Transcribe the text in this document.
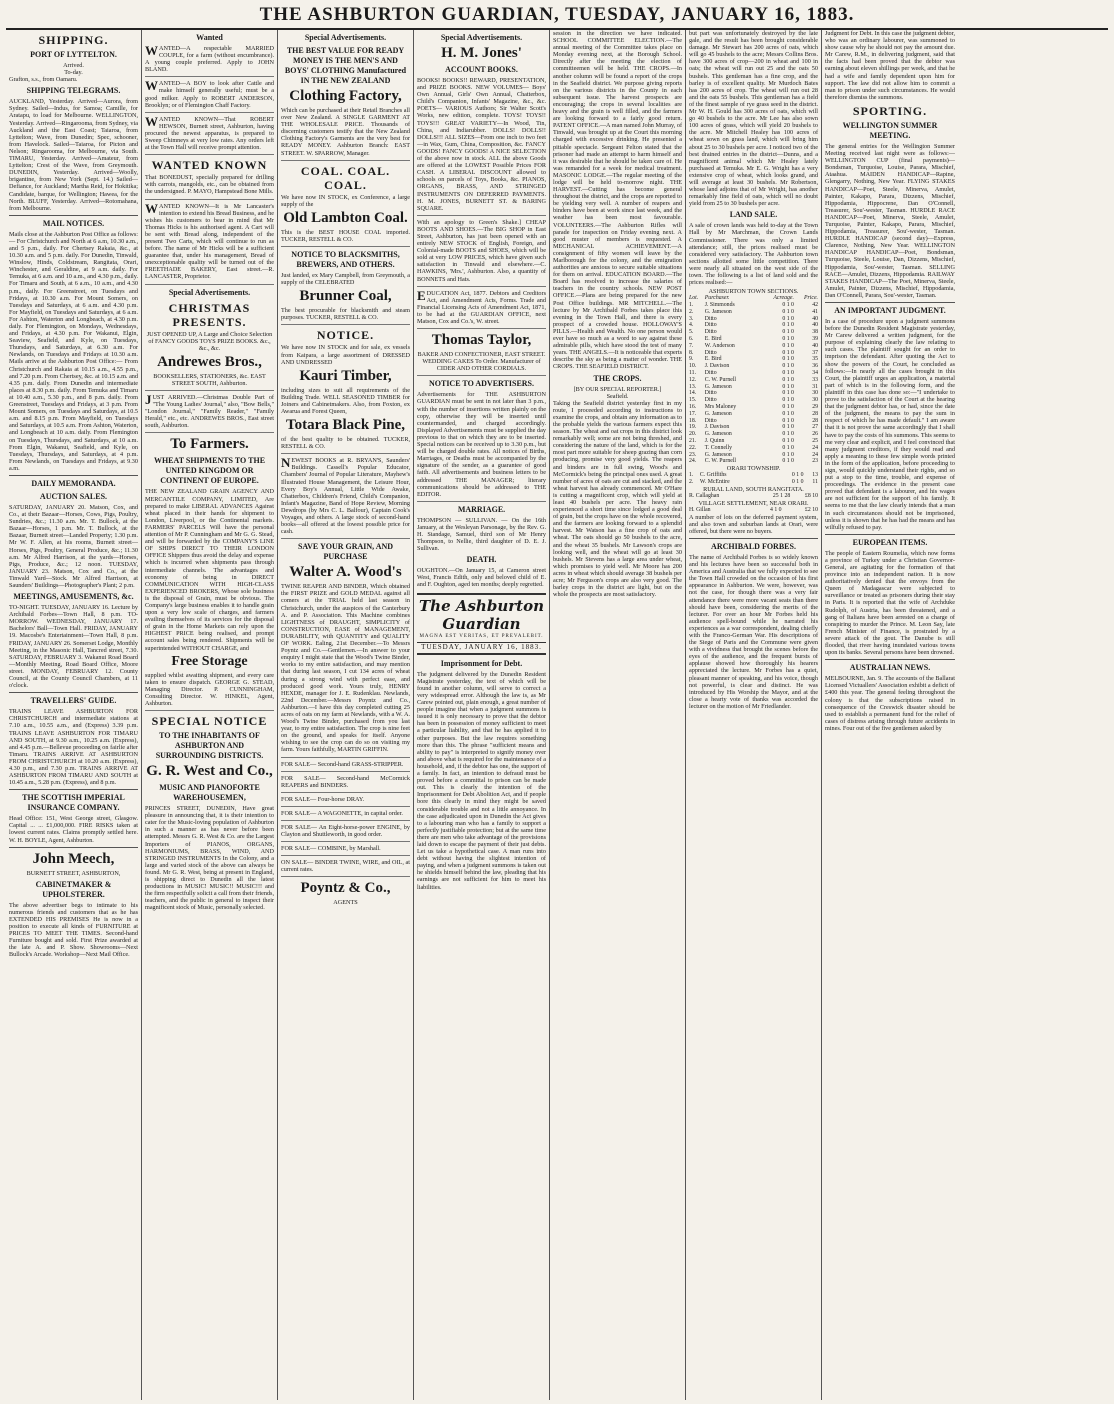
THE ASHBURTON GUARDIAN, TUESDAY, JANUARY 16, 1883.
SHIPPING.
PORT OF LYTTELTON.
Arrived.
To-day.

Grafton, s.s., from Oamaru.

SHIPPING TELEGRAMS.

AUCKLAND, Yesterday. Arrived—Aurora, from Sydney. Sailed—Indus, for Samoa; Camille, for Aratapu, to load for Melbourne. WELLINGTON, Yesterday. Arrived—Ringarooma, from Sydney, via Auckland and the East Coast; Taiaroa, from Lyttelton; Wave, from Dunedin; Spec, schooner, from Havelock. Sailed—Taiaroa, for Picton and Nelson; Ringarooma, for Melbourne, via South. TIMARU, Yesterday. Arrived—Amateur, from Lyttelton; Crest of the Wave, from Greymouth. DUNEDIN, Yesterday. Arrived—Woolly, brigantine, from New York (Sept. 14.) Sailed—Defiance, for Auckland; Martha Reid, for Hokitika; Candidate, barque, for Wellington; Hawea, for the North. BLUFF, Yesterday. Arrived—Rotomahana, from Melbourne.

MAIL NOTICES.

Mails close at the Ashburton Post Office as follows:— For Christchurch and North at 6 a.m, 10.30 a.m., and 5 p.m., daily. For Chertsey Rakaia, &c., at 10.30 a.m. and 5 p.m. daily. For Dunedin, Tinwald, Winslow, Hinds, Coldstream, Rangitata, Orari, Winchester, and Geraldine, at 9 a.m. daily. For Temuka, at 6 a.m. and 10 a.m., and 4.30 p.m., daily. For Timaru and South, at 6 a.m., 10 a.m., and 4.30 p.m., daily. For Greenstreet, on Tuesdays and Fridays, at 10.30 a.m. For Mount Somers, on Tuesdays and Saturdays, at 6 a.m. and 4.30 p.m. For Mayfield, on Tuesdays and Saturdays, at 6 a.m. For Ashton, Waterton and Longbeach, at 4.30 p.m. daily. For Flemington, on Mondays, Wednesdays, and Fridays, at 4.30 p.m. For Wakanui, Elgin, Seaview, Seafield, and Kyle, on Tuesdays, Thursdays, and Saturdays, at 6.30 a.m. For Newlands, on Tuesdays and Fridays at 10.30 a.m. Mails arrive at the Ashburton Post Office:— From Christchurch and Rakaia at 10.15 a.m., 4.55 p.m., and 7.20 p.m. From Chertsey, &c. at 10.15 a.m. and 4.35 p.m. daily. From Dunedin and intermediate places at 8.30 p.m. daily. From Temuka and Timaru at 10.40 a.m., 5.30 p.m., and 8 p.m. daily. From Greenstreet, Tuesdays and Fridays, at 3 p.m. From Mount Somers, on Tuesdays and Saturdays, at 10.5 a.m. and 8.15 p.m. From Mayfield, on Tuesdays and Saturdays, at 10.5 a.m. From Ashton, Waterton, and Longbeach at 10 a.m. daily. From Flemington on Tuesdays, Thursdays, and Saturdays, at 10 a.m. From Elgin, Wakanui, Seafield, and Kyle, on Tuesdays, Thursdays, and Saturdays, at 4 p.m. From Newlands, on Tuesdays and Fridays, at 9.30 a.m.

DAILY MEMORANDA.
AUCTION SALES.

SATURDAY, JANUARY 20. Matson, Cox, and Co., at their Bazaar—Horses, Cows, Pigs, Poultry, Sundries, &c.; 11.30 a.m. Mr. T. Bullock, at the Bazaar—Horses, 1 p.m. Mr. T. Bullock, at the Bazaar, Burnett street—Landed Property; 1.30 p.m. Mr W. F. Allen, at his rooms, Burnett street—Horses, Pigs, Poultry, General Produce, &c.; 11.30 a.m. Mr Alfred Harrison, at the yards—Horses, Pigs, Produce, &c.; 12 noon. TUESDAY, JANUARY 23. Matson, Cox and Co., at the Tinwald Yard—Stock. Mr Alfred Harrison, at Saunders' Buildings—Photographer's Plant; 2 p.m.

MEETINGS, AMUSEMENTS, &c.

TO-NIGHT. TUESDAY, JANUARY 16. Lecture by Archibald Forbes—Town Hall, 8 p.m. TO-MORROW. WEDNESDAY, JANUARY 17. Bachelors' Ball—Town Hall. FRIDAY, JANUARY 19. Macosbe's Entertainment—Town Hall, 8 p.m. FRIDAY, JANUARY 26. Somerset Lodge, Monthly Meeting, in the Masonic Hall, Tancred street, 7.30. SATURDAY, FEBRUARY 3. Wakanui Road Board—Monthly Meeting, Road Board Office, Moore street. MONDAY, FEBRUARY 12. County Council, at the County Council Chambers, at 11 o'clock.

TRAVELLERS' GUIDE.

TRAINS LEAVE ASHBURTON FOR CHRISTCHURCH and intermediate stations at 7.10 a.m., 10.55 a.m., and (Express) 3.39 p.m. TRAINS LEAVE ASHBURTON FOR TIMARU AND SOUTH, at 9.30 a.m., 10.25 a.m. (Express), and 4.45 p.m.—Bellevue proceeding on fairlie after Timaru. TRAINS ARRIVE AT ASHBURTON FROM CHRISTCHURCH at 10.20 a.m. (Express), 4.30 p.m., and 7.30 p.m. TRAINS ARRIVE AT ASHBURTON FROM TIMARU AND SOUTH at 10.45 a.m., 5.28 p.m. (Express), and 8 p.m.

THE SCOTTISH IMPERIAL INSURANCE COMPANY.

Head Office: 151, West George street, Glasgow. Capital ... ... £1,000,000. FIRE RISKS taken at lowest current rates. Claims promptly settled here. W. H. BOYLE, Agent, Ashburton.

John Meech,
BURNETT STREET, ASHBURTON,
CABINETMAKER & UPHOLSTERER.

The above advertiser begs to intimate to his numerous friends and customers that as he has EXTENDED HIS PREMISES He is now in a position to execute all kinds of FURNITURE at PRICES TO MEET THE TIMES. Second-hand Furniture bought and sold. First Prize awarded at the late A. and P. Show. Showrooms—Next Bullock's Arcade. Workshop—Next Mail Office.

Wanted

WANTED—A respectable MARRIED COUPLE, for a farm (without encumbrance). A young couple preferred. Apply to JOHN BLAND.

WANTED—A BOY to look after Cattle and make himself generally useful; must be a good milker. Apply to ROBERT ANDERSON, Brooklyn; or of Flemington Chaff Factory.

WANTED KNOWN—That ROBERT HEWSON, Burnett street, Ashburton, having procured the newest apparatus, is prepared to Sweep Chimneys at very low rates. Any orders left at the Town Hall will receive prompt attention.

WANTED KNOWN

That BONEDUST, specially prepared for drilling with carrots, mangolds, etc., can be obtained from the undersigned. P. MAYO, Hampstead Bone Mills.

WANTED KNOWN—It is Mr Lancaster's intention to extend his Bread Business, and he wishes his customers to bear in mind that Mr Thomas Hicks is his authorised agent. A Cart will be sent with Bread along, independent of the present Two Carts, which will continue to run as before. The name of Mr Hicks will be a sufficient guarantee that, under his management, Bread of unexceptionable quality will be turned out of the FREETHADE BAKERY, East street.—R. LANCASTER, Proprietor.

Special Advertisements.
CHRISTMAS PRESENTS.

JUST OPENED UP, A Large and Choice Selection of FANCY GOODS TOYS PRIZE BOOKS. &c., &c., &c.

Andrewes Bros.,

BOOKSELLERS, STATIONERS, &c. EAST STREET SOUTH, Ashburton.

JUST ARRIVED.—Christmas Double Part of "The Young Ladies' Journal," also, "Bow Bells," "London Journal," "Family Reader," "Family Herald," etc., etc. ANDREWES BROS., East street south, Ashburton.

To Farmers.
WHEAT SHIPMENTS TO THE UNITED KINGDOM OR CONTINENT OF EUROPE.

THE NEW ZEALAND GRAIN AGENCY AND MERCANTILE COMPANY, LIMITED, Are prepared to make LIBERAL ADVANCES Against wheat placed in their hands for shipment to London, Liverpool, or the Continental markets. FARMERS' PARCELS Will have the personal attention of Mr P. Cunningham and Mr G. G. Stead, and will be forwarded by the COMPANY'S LINE OF SHIPS DIRECT TO THEIR LONDON OFFICE Shippers thus avoid the delay and expense which is incurred when shipments pass through intermediate channels. The advantages and economy of being in DIRECT COMMUNICATION WITH HIGH-CLASS EXPERIENCED BROKERS, Whose sole business is the disposal of Grain, must be obvious. The Company's large business enables it to handle grain upon a very low scale of charges, and farmers availing themselves of its services for the disposal of grain in the Home Markets can rely upon the HIGHEST PRICE being realised, and prompt account sales being rendered. Shipments will be superintended WITHOUT CHARGE, and

Free Storage

supplied whilst awaiting shipment, and every care taken to ensure dispatch. GEORGE G. STEAD, Managing Director. P. CUNNINGHAM, Consulting Director. W. HINKEL, Agent, Ashburton.

SPECIAL NOTICE
TO THE INHABITANTS OF ASHBURTON AND SURROUNDING DISTRICTS.
G. R. West and Co.,
MUSIC AND PIANOFORTE WAREHOUSEMEN,

PRINCES STREET, DUNEDIN, Have great pleasure in announcing that, it is their intention to cater for the Music-loving population of Ashburton in such a manner as has never before been attempted. Messrs G. R. West & Co. are the Largest Importers of PIANOS, ORGANS, HARMONIUMS, BRASS, WIND, AND STRINGED INSTRUMENTS In the Colony, and a large and varied stock of the above can always be found. Mr G. R. West, being at present in England, is shipping direct to Dunedin all the latest productions in MUSIC! MUSIC!! MUSIC!!! and the firm respectfully solicit a call from their friends, teachers, and the public in general to inspect their magnificent stock of Music, personally selected.

Special Advertisements.
THE BEST VALUE FOR READY MONEY IS THE MEN'S AND BOYS' CLOTHING Manufactured IN THE NEW ZEALAND
Clothing Factory,

Which can be purchased at their Retail Branches all over New Zealand. A SINGLE GARMENT AT THE WHOLESALE PRICE. Thousands of discerning customers testify that the New Zealand Clothing Factory's Garments are the very best for READY MONEY. Ashburton Branch: EAST STREET. W. SPARROW, Manager.

COAL. COAL. COAL.

We have now IN STOCK, ex Conference, a large supply of the

Old Lambton Coal.

This is the BEST HOUSE COAL imported. TUCKER, RESTELL & CO.

NOTICE TO BLACKSMITHS, BREWERS, AND OTHERS.

Just landed, ex Mary Campbell, from Greymouth, a supply of the CELEBRATED

Brunner Coal,

The best procurable for blacksmith and steam purposes. TUCKER, RESTELL & CO.

NOTICE.

We have now IN STOCK and for sale, ex vessels from Kaipara, a large assortment of DRESSED AND UNDRESSED

Kauri Timber,

including sizes to suit all requirements of the Building Trade. WELL SEASONED TIMBER for Joiners and Cabinetmakers. Also, from Foxton, ex Awarua and Forest Queen,

Totara Black Pine,

of the best quality to be obtained. TUCKER, RESTELL & CO.

NEWEST BOOKS at R. BRYAN'S, Saunders' Buildings. Cassell's Popular Educator, Chambers' Journal of Popular Literature, Mayhew's Illustrated House Management, the Leisure Hour, Every Boy's Annual, Little Wide Awake, Chatterbox, Children's Friend, Child's Companion, Infant's Magazine, Band of Hope Review, Morning Dewdrops (by Mrs C. L. Balfour), Captain Cook's Voyages, and others. A large stock of second-hand books—all offered at the lowest possible price for cash.

SAVE YOUR GRAIN, AND PURCHASE
Walter A. Wood's

TWINE REAPER AND BINDER, Which obtained the FIRST PRIZE and GOLD MEDAL against all comers at the TRIAL held last season in Christchurch, under the auspices of the Canterbury A. and P. Association. This Machine combines LIGHTNESS of DRAUGHT, SIMPLICITY of CONSTRUCTION, EASE of MANAGEMENT, DURABILITY, with QUANTITY and QUALITY OF WORK. Ealing, 21st December.—To Messrs Poyntz and Co.—Gentlemen.—In answer to your enquiry I might state that the Wood's Twine Binder, works to my entire satisfaction, and may mention that during last season, I cut 134 acres of wheat during a strong wind with perfect ease, and produced good work. Yours truly, HENRY HEXDE, manager for J. E. Rudenklau. Newlands, 22nd December.—Messrs Poyntz and Co., Ashburton.—I have this day completed cutting 25 acres of oats on my farm at Newlands, with a W. A. Wood's Twine Binder, purchased from you last year, to my entire satisfaction. The crop is nine feet on the ground, and speaks for itself. Anyone wishing to see the crop can do so on visiting my farm. Yours faithfully, MARTIN GRIFFIN.

FOR SALE— Second-hand GRASS-STRIPPER.

FOR SALE— Second-hand McCormick REAPERS and BINDERS.

FOR SALE— Four-horse DRAY.

FOR SALE— A WAGONETTE, in capital order.

FOR SALE— An Eight-horse-power ENGINE, by Clayton and Shuttleworth, in good order.

FOR SALE— COMBINE, by Marshall.

ON SALE— BINDER TWINE, WIRE, and OIL, at current rates.

Poyntz & Co.,
AGENTS
Special Advertisements.
H. M. Jones'
ACCOUNT BOOKS.

BOOKS! BOOKS!! REWARD, PRESENTATION, and PRIZE BOOKS. NEW VOLUMES— Boys' Own Annual, Girls' Own Annual, Chatterbox, Child's Companion, Infants' Magazine, &c., &c. POETS— VARIOUS Authors; Sir Walter Scott's Works, new edition, complete. TOYS! TOYS!! TOYS!!! GREAT VARIETY—In Wood, Tin, China, and Indiarubber. DOLLS! DOLLS!! DOLLS!!! ALL SIZES—From one inch to two feet—in Wax, Gum, China, Composition, &c. FANCY GOODS! FANCY GOODS! A NICE SELECTION of the above now in stock. ALL the above Goods are offered at the LOWEST Possible Prices FOR CASH. A LIBERAL DISCOUNT allowed to schools on parcels of Toys, Books, &c. PIANOS, ORGANS, BRASS, AND STRINGED INSTRUMENTS ON DEFERRED PAYMENTS. H. M. JONES, BURNETT ST. & BARING SQUARE.

With an apology to Green's Shake.] CHEAP BOOTS AND SHOES.—The BIG SHOP in East Street, Ashburton, has just been opened with an entirely NEW STOCK of English, Foreign, and Colonial-made BOOTS and SHOES, which will be sold at very LOW PRICES, which have given such satisfaction in Tinwald and elsewhere.—C. HAWKINS, 'Mrs.', Ashburton. Also, a quantity of BONNETS and Hats.

EDUCATION Act, 1877. Debtors and Creditors Act, and Amendment Acts, Forms. Trade and Financial Licensing Acts of Amendment Act, 1871, to be had at the GUARDIAN OFFICE, next Matson, Cox and Co.'s, W. street.

Thomas Taylor,

BAKER AND CONFECTIONER, EAST STREET. WEDDING CAKES To Order. Manufacturer of CIDER AND OTHER CORDIALS.

NOTICE TO ADVERTISERS.

Advertisements for THE ASHBURTON GUARDIAN must be sent in not later than 3 p.m., with the number of insertions written plainly on the copy, otherwise they will be inserted until countermanded, and charged accordingly. Displayed Advertisements must be supplied the day previous to that on which they are to be inserted. Special notices can be received up to 3.30 p.m., but will be charged double rates. All notices of Births, Marriages, or Deaths must be accompanied by the signature of the sender, as a guarantee of good faith. All advertisements and business letters to be addressed THE MANAGER; literary communications should be addressed to THE EDITOR.

MARRIAGE.

THOMPSON — SULLIVAN. — On the 16th January, at the Wesleyan Parsonage, by the Rev. G. H. Standage, Samuel, third son of Mr Henry Thompson, to Nellie, third daughter of D. E. J. Sullivan.

DEATH.

OUGHTON.—On January 15, at Cameron street West, Francis Edith, only and beloved child of E. and F. Oughton, aged ten months; deeply regretted.

The Ashburton Guardian
MAGNA EST VERITAS, ET PREVALEBIT.
TUESDAY, JANUARY 16, 1883.
Imprisonment for Debt.

The judgment delivered by the Dunedin Resident Magistrate yesterday, the text of which will be found in another column, will serve to correct a very widespread error. Although the law is, as Mr Carew pointed out, plain enough, a great number of people imagine that when a judgment summons is issued it is only necessary to prove that the debtor has been in possession of money sufficient to meet a particular liability, and that he has applied it to other purposes. But the law requires something more than this. The phrase "sufficient means and ability to pay" is interpreted to signify money over and above what is required for the maintenance of a household, and, if the debtor has one, the support of a family. In fact, an intention to defraud must be proved before a committal to prison can be made out. This is clearly the intention of the Imprisonment for Debt Abolition Act, and if people bore this clearly in mind they might be saved considerable trouble and not a little annoyance. In the case adjudicated upon in Dunedin the Act gives to a labouring man who has a family to support a perfectly justifiable protection; but at the same time there are men who take advantage of the provisions laid down to escape the payment of their just debts. Let us take a hypothetical case. A man runs into debt without having the slightest intention of paying, and when a judgment summons is taken out he shields himself behind the law, pleading that his earnings are not sufficient for him to meet his liabilities.

session in the direction we have indicated. SCHOOL COMMITTEE ELECTION.—The annual meeting of the Committee takes place on Monday evening next, at the Borough School. Directly after the meeting the election of committeemen will be held. THE CROPS.—In another column will be found a report of the crops in the Seafield district. We purpose giving reports on the various districts in the County in each subsequent issue. The harvest prospects are encouraging; the crops in several localities are heavy and the grain is well filled, and the farmers are looking forward to a fairly good return. PATENT OFFICE.—A man named John Murray, of Tinwald, was brought up at the Court this morning charged with excessive drinking. He presented a pitiable spectacle. Sergeant Felton stated that the prisoner had made an attempt to harm himself and it was desirable that he should be taken care of. He was remanded for a week for medical treatment. MASONIC LODGE.—The regular meeting of the lodge will be held to-morrow night. THE HARVEST.—Cutting has become general throughout the district, and the crops are reported to be yielding very well. A number of reapers and binders have been at work since last week, and the weather has been most favourable. VOLUNTEERS.—The Ashburton Rifles will parade for inspection on Friday evening next. A good muster of members is requested. A MECHANICAL ACHIEVEMENT.—A consignment of fifty women will leave by the Marlborough for the colony, and the emigration authorities are anxious to secure suitable situations for them on arrival. EDUCATION BOARD.—The Board has resolved to increase the salaries of teachers in the country schools. NEW POST OFFICE.—Plans are being prepared for the new Post Office buildings. MR MITCHELL.—The lecture by Mr Archibald Forbes takes place this evening in the Town Hall, and there is every prospect of a crowded house. HOLLOWAY'S PILLS.—Health and Wealth. No one person would ever have so much as a word to say against these admirable pills, which have stood the test of many years. THE ANGELS.—It is noticeable that experts describe the sky as being a matter of wonder. THE CROPS. THE SEAFIELD DISTRICT.

THE CROPS.
[BY OUR SPECIAL REPORTER.]
Seafield.

Taking the Seafield district yesterday first in my route, I proceeded according to instructions to examine the crops, and obtain any information as to the probable yields the various farmers expect this season. The wheat and oat crops in this district look remarkably well; some are not being threshed, and considering the nature of the land, which is for the most part more suitable for sheep grazing than corn producing, promise very good yields. The reapers and binders are in full swing, Wood's and McCormick's being the principal ones used. A great number of acres of oats are cut and stacked, and the wheat harvest has already commenced. Mr O'Hare is cutting a magnificent crop, which will yield at least 40 bushels per acre. The heavy rain experienced a short time since lodged a good deal of grain, but the crops have on the whole recovered, and the farmers are looking forward to a splendid harvest. Mr Watson has a fine crop of oats and wheat. The oats should go 50 bushels to the acre, and the wheat 35 bushels. Mr Lawson's crops are looking well, and the wheat will go at least 30 bushels. Mr Stevens has a large area under wheat, which promises to yield well. Mr Moore has 200 acres in wheat which should average 38 bushels per acre; Mr Ferguson's crops are also very good. The barley crops in the district are light, but on the whole the prospects are most satisfactory.

but part was unfortunately destroyed by the late gale, and the result has been brought considerable damage. Mr Stewart has 200 acres of oats, which will go 45 bushels to the acre; Messrs Collins Bros. have 300 acres of crop—200 in wheat and 100 in oats; the wheat will run out 25 and the oats 50 bushels. This gentleman has a fine crop, and the barley is of excellent quality. Mr Murdoch Bates has 200 acres of crop. The wheat will run out 28 and the oats 55 bushels. This gentleman has a field of the finest sample of rye grass seed in the district. Mr W. H. Gould has 300 acres of oats, which will go 40 bushels to the acre. Mr Lee has also sown 100 acres of grass, which will yield 20 bushels to the acre. Mr Mitchell Healey has 100 acres of wheat sown on grass land, which will bring him about 25 to 30 bushels per acre. I noticed two of the best drained entries in the district—Dunns, and a magnificent animal which Mr Healey lately purchased at Temuka. Mr E. G. Wright has a very extensive crop of wheat, which looks grand, and will average at least 30 bushels. Mr Robertson, whose land adjoins that of Mr Wright, has another remarkably fine field of oats, which will no doubt yield from 25 to 30 bushels per acre.

LAND SALE.

A sale of crown lands was held to-day at the Town Hall by Mr Marchman, the Crown Lands Commissioner. There was only a limited attendance; still, the prices realised must be considered very satisfactory. The Ashburton town sections allotted some little competition. There were nearly all situated on the west side of the town. The following is a list of land sold and the prices realised:—

ASHBURTON TOWN SECTIONS.
Lot.	Purchaser.	Acreage.	Price.
1.	J. Simmonds	0 1 0	42
2.	G. Jameson	0 1 0	41
3.	Ditto	0 1 0	40
4.	Ditto	0 1 0	40
5.	Ditto	0 1 0	38
6.	E. Bird	0 1 0	39
7.	W. Anderson	0 1 0	40
8.	Ditto	0 1 0	37
9.	E. Bird	0 1 0	35
10.	J. Davison	0 1 0	36
11.	Ditto	0 1 0	34
12.	C. W. Purnell	0 1 0	33
13.	G. Jameson	0 1 0	31
14.	Ditto	0 1 0	30
15.	Ditto	0 1 0	30
16.	Mrs Maloney	0 1 0	29
17.	G. Jameson	0 1 0	28
18.	Ditto	0 1 0	28
19.	J. Davison	0 1 0	27
20.	G. Jameson	0 1 0	26
21.	J. Quinn	0 1 0	25
22.	T. Connelly	0 1 0	24
23.	G. Jameson	0 1 0	24
24.	C. W. Purnell	0 1 0	23
ORARI TOWNSHIP.
1.	C. Griffiths	0 1 0	13
2.	W. McEntire	0 1 0	11
RURAL LAND, SOUTH RANGITATA.
	R. Callaghan	25 1 28	£8 10
VILLAGE SETTLEMENT, NEAR ORARI.
	H. Gillan	4 1 0	£2 10

A number of lots on the deferred payment system, and also town and suburban lands at Orari, were offered, but there were no buyers.

ARCHIBALD FORBES.

The name of Archibald Forbes is so widely known and his lectures have been so successful both in America and Australia that we fully expected to see the Town Hall crowded on the occasion of his first appearance in Ashburton. We were, however, was not the case, for though there was a very fair attendance there were more vacant seats than there should have been, considering the merits of the lecturer. For over an hour Mr Forbes held his audience spell-bound while he narrated his experiences as a war correspondent, dealing chiefly with the Franco-German War. His descriptions of the Siege of Paris and the Commune were given with a vividness that brought the scenes before the eyes of the audience, and the frequent bursts of applause showed how thoroughly his hearers appreciated the lecture. Mr Forbes has a quiet, pleasant manner of speaking, and his voice, though not powerful, is clear and distinct. He was introduced by His Worship the Mayor, and at the close a hearty vote of thanks was accorded the lecturer on the motion of Mr Friedlander.

Judgment for Debt. In this case the judgment debtor, who was an ordinary labourer, was summoned to show cause why he should not pay the amount due. Mr Carew, R.M., in delivering judgment, said that the facts had been proved that the debtor was earning about eleven shillings per week, and that he had a wife and family dependent upon him for support. The law did not allow him to commit a man to prison under such circumstances. He would therefore dismiss the summons.

SPORTING.
WELLINGTON SUMMER MEETING.

The general entries for the Wellington Summer Meeting received last night were as follows:— WELLINGTON CUP (final payments)—Bondsman, Turquoise, Louise, Parara, Mischief, Ataahua. MAIDEN HANDICAP—Rapine, Glengarry, Nothing, New Year. FLYING STAKES HANDICAP—Poet, Steele, Minerva, Amulet, Painter, Kakapo, Parara, Dizzens, Mischief, Hippodamia, Hippocrene, Dan O'Connell, Treasurer, Sou'-wester, Tasman. HURDLE RACE HANDICAP—Poet, Minerva, Steele, Amulet, Turquoise, Painter, Kakapo, Parara, Mischief, Hippodamia, Treasurer, Sou'-wester, Tasman. HURDLE HANDICAP (second day)—Express, Clarence, Nothing, New Year. WELLINGTON HANDICAP HANDICAP—Poet, Bondsman, Turquoise, Steele, Louise, Dan, Dizzens, Mischief, Hippodamia, Sou'-wester, Tasman. SELLING RACE—Amulet, Dizzens, Hippodamia. RAILWAY STAKES HANDICAP—The Poet, Minerva, Steele, Amulet, Painter, Dizzens, Mischief, Hippodamia, Dan O'Connell, Parara, Sou'-wester, Tasman.

AN IMPORTANT JUDGMENT.

In a case of procedure upon a judgment summons before the Dunedin Resident Magistrate yesterday, Mr Carew delivered a written judgment, for the purpose of explaining clearly the law relating to such cases. The plaintiff sought for an order to imprison the defendant. After quoting the Act to show the powers of the Court, he concluded as follows:—In nearly all the cases brought in this Court, the plaintiff urges an application, a material part of which is in the following form, and the plaintiff in this case has done so:—"I undertake to prove to the satisfaction of the Court at the hearing that the judgment debtor has, or had, since the date of the judgment, the means to pay the sum in respect of which he has made default." I am aware that it is not prove the same accordingly that I shall have to pay the costs of his summons. This seems to me very clear and explicit, and I feel convinced that many judgment creditors, if they would read and apply a meaning to these few simple words printed in the form of the application, before proceeding to sign, would quickly understand their rights, and so put a stop to the time, trouble, and expense of proceedings. The evidence in the present case proved that defendant is a labourer, and his wages are not sufficient for the support of his family. It seems to me that the law clearly intends that a man in such circumstances should not be imprisoned, unless it is shown that he has had the means and has wilfully refused to pay.

EUROPEAN ITEMS.

The people of Eastern Roumelia, which now forms a province of Turkey under a Christian Governor-General, are agitating for the formation of that province into an independent nation. It is now authoritatively denied that the envoys from the Queen of Madagascar were subjected to surveillance or treated as prisoners during their stay in Paris. It is reported that the wife of Archduke Rudolph, of Austria, has been threatened, and a gang of Italians have been arrested on a charge of conspiring to murder the Prince. M. Leon Say, late French Minister of Finance, is prostrated by a severe attack of the gout. The Danube is still flooded, that river having inundated various towns upon its banks. Several persons have been drowned.

AUSTRALIAN NEWS.

MELBOURNE, Jan. 9. The accounts of the Ballarat Licensed Victuallers' Association exhibit a deficit of £400 this year. The general feeling throughout the colony is that the subscriptions raised in consequence of the Creswick disaster should be used to establish a permanent fund for the relief of cases of distress arising through future accidents in mines. Four out of the five gentlemen asked by
